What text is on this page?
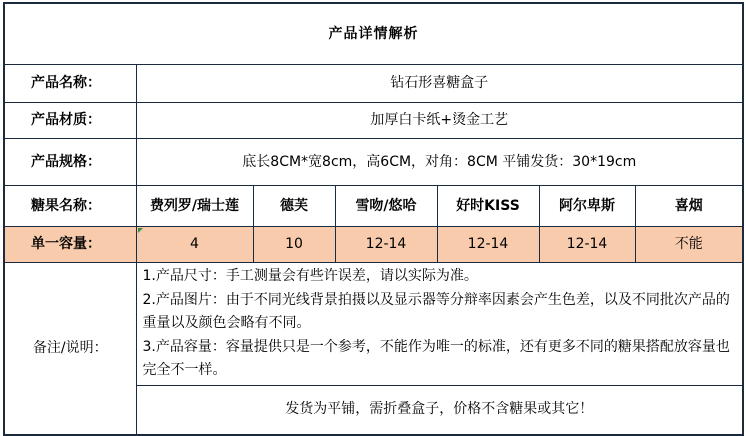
产品详情解析						
产品名称：	钻石形喜糖盒子					
产品材质：	加厚白卡纸+烫金工艺					
产品规格：	底长8CM*宽8cm，高6CM，对角：8CM 平铺发货：30*19cm					
糖果名称：	费列罗/瑞士莲	德芙	雪吻/悠哈	好时KISS	阿尔卑斯	喜烟
单一容量：	4	10	12-14	12-14	12-14	不能
备注/说明：	1.产品尺寸：手工测量会有些许误差，请以实际为准。

2.产品图片：由于不同光线背景拍摄以及显示器等分辩率因素会产生色差，以及不同批次产品的重量以及颜色会略有不同。

3.产品容量：容量提供只是一个参考，不能作为唯一的标准，还有更多不同的糖果搭配放容量也完全不一样。					

	发货为平铺，需折叠盒子，价格不含糖果或其它！					
